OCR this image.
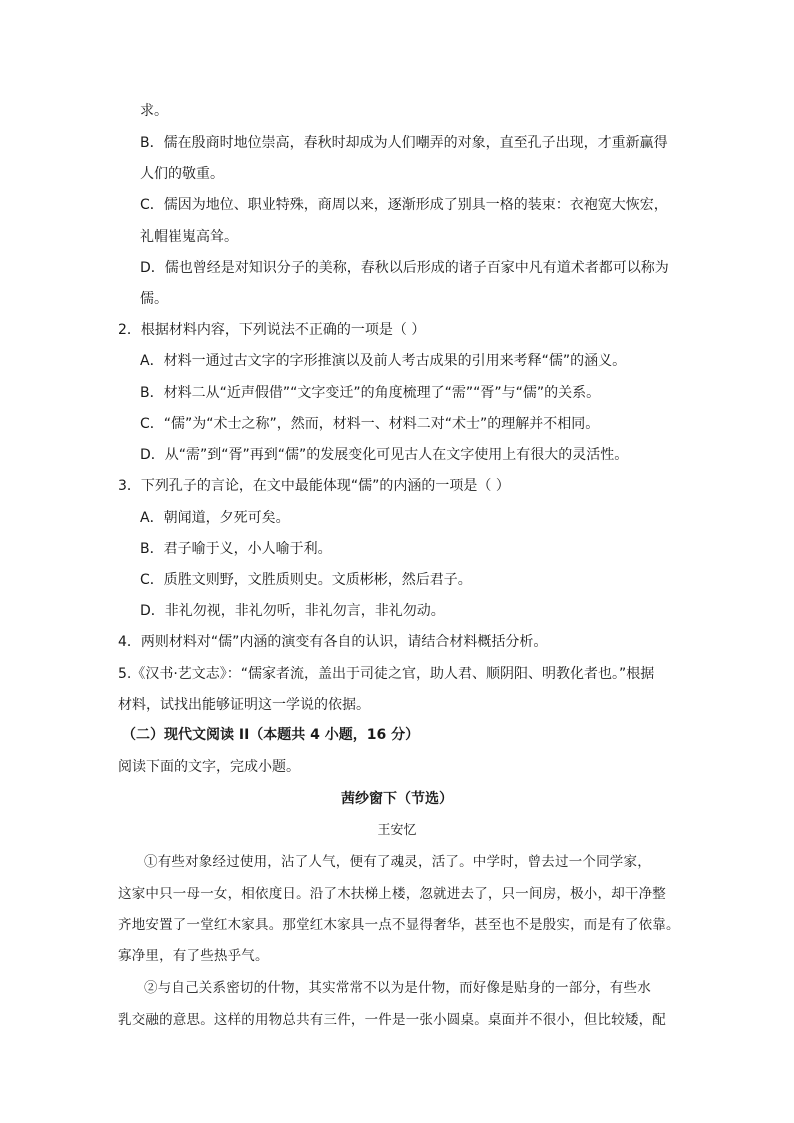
求。
B．儒在殷商时地位崇高，春秋时却成为人们嘲弄的对象，直至孔子出现，才重新赢得
人们的敬重。
C．儒因为地位、职业特殊，商周以来，逐渐形成了别具一格的装束：衣袍宽大恢宏，
礼帽崔嵬高耸。
D．儒也曾经是对知识分子的美称，春秋以后形成的诸子百家中凡有道术者都可以称为
儒。
2．根据材料内容，下列说法不正确的一项是（ ）
A．材料一通过古文字的字形推演以及前人考古成果的引用来考释“儒”的涵义。
B．材料二从“近声假借”“文字变迁”的角度梳理了“需”“胥”与“儒”的关系。
C．“儒”为“术士之称”，然而，材料一、材料二对“术士”的理解并不相同。
D．从“需”到“胥”再到“儒”的发展变化可见古人在文字使用上有很大的灵活性。
3．下列孔子的言论，在文中最能体现“儒”的内涵的一项是（ ）
A．朝闻道，夕死可矣。
B．君子喻于义，小人喻于利。
C．质胜文则野，文胜质则史。文质彬彬，然后君子。
D．非礼勿视，非礼勿听，非礼勿言，非礼勿动。
4．两则材料对“儒”内涵的演变有各自的认识，请结合材料概括分析。
5.《汉书·艺文志》：“儒家者流，盖出于司徒之官，助人君、顺阴阳、明教化者也。”根据
材料，试找出能够证明这一学说的依据。
（二）现代文阅读 II（本题共 4 小题，16 分）
阅读下面的文字，完成小题。
茜纱窗下（节选）
王安忆
①有些对象经过使用，沾了人气，便有了魂灵，活了。中学时，曾去过一个同学家，
这家中只一母一女，相依度日。沿了木扶梯上楼，忽就进去了，只一间房，极小，却干净整
齐地安置了一堂红木家具。那堂红木家具一点不显得奢华，甚至也不是殷实，而是有了依靠。
寡净里，有了些热乎气。
②与自己关系密切的什物，其实常常不以为是什物，而好像是贴身的一部分，有些水
乳交融的意思。这样的用物总共有三件，一件是一张小圆桌。桌面并不很小，但比较矮，配
